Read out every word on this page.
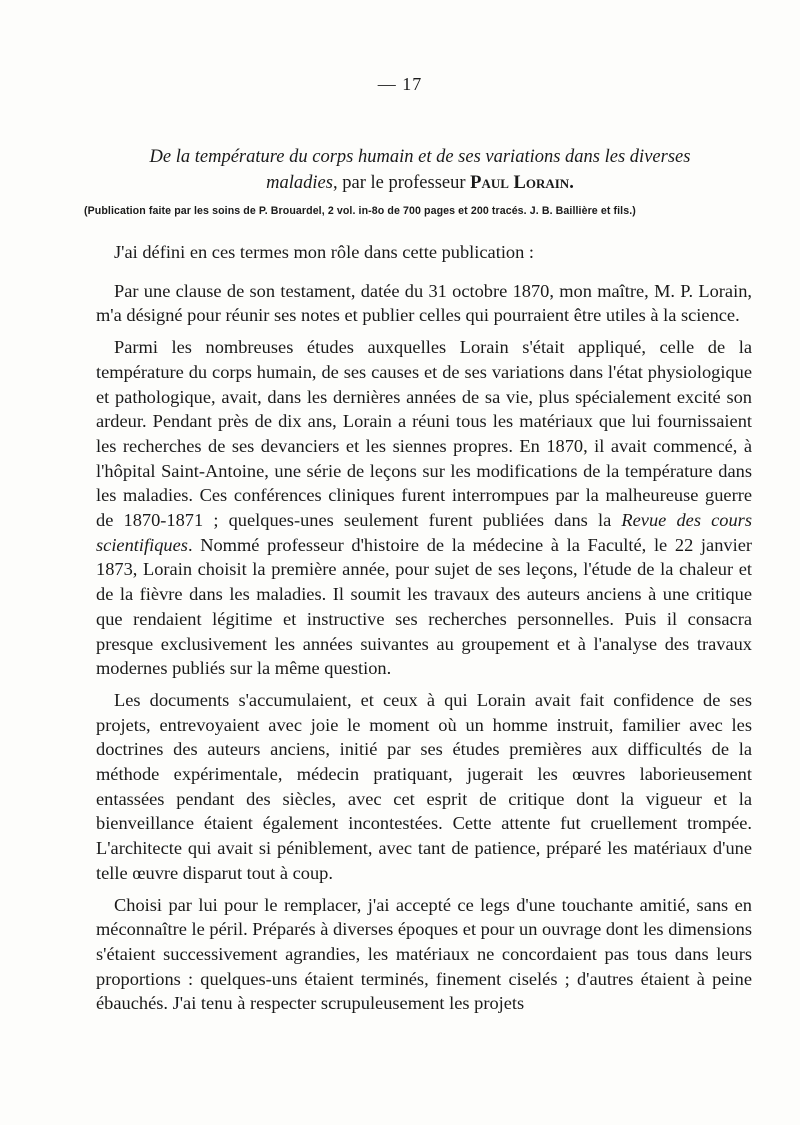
— 17
De la température du corps humain et de ses variations dans les diverses
maladies, par le professeur Paul Lorain.
(Publication faite par les soins de P. Brouardel, 2 vol. in-8o de 700 pages et 200 tracés. J. B. Baillière et fils.)

J'ai défini en ces termes mon rôle dans cette publication :

Par une clause de son testament, datée du 31 octobre 1870, mon maître, M. P. Lorain, m'a désigné pour réunir ses notes et publier celles qui pourraient être utiles à la science.

Parmi les nombreuses études auxquelles Lorain s'était appliqué, celle de la température du corps humain, de ses causes et de ses variations dans l'état physiologique et pathologique, avait, dans les dernières années de sa vie, plus spécialement excité son ardeur. Pendant près de dix ans, Lorain a réuni tous les matériaux que lui fournissaient les recherches de ses devanciers et les siennes propres. En 1870, il avait commencé, à l'hôpital Saint-Antoine, une série de leçons sur les modifications de la température dans les maladies. Ces conférences cliniques furent interrompues par la malheureuse guerre de 1870-1871 ; quelques-unes seulement furent publiées dans la Revue des cours scientifiques. Nommé professeur d'histoire de la médecine à la Faculté, le 22 janvier 1873, Lorain choisit la première année, pour sujet de ses leçons, l'étude de la chaleur et de la fièvre dans les maladies. Il soumit les travaux des auteurs anciens à une critique que rendaient légitime et instructive ses recherches personnelles. Puis il consacra presque exclusivement les années suivantes au groupement et à l'analyse des travaux modernes publiés sur la même question.

Les documents s'accumulaient, et ceux à qui Lorain avait fait confidence de ses projets, entrevoyaient avec joie le moment où un homme instruit, familier avec les doctrines des auteurs anciens, initié par ses études premières aux difficultés de la méthode expérimentale, médecin pratiquant, jugerait les œuvres laborieusement entassées pendant des siècles, avec cet esprit de critique dont la vigueur et la bienveillance étaient également incontestées. Cette attente fut cruellement trompée. L'architecte qui avait si péniblement, avec tant de patience, préparé les matériaux d'une telle œuvre disparut tout à coup.

Choisi par lui pour le remplacer, j'ai accepté ce legs d'une touchante amitié, sans en méconnaître le péril. Préparés à diverses époques et pour un ouvrage dont les dimensions s'étaient successivement agrandies, les matériaux ne concordaient pas tous dans leurs proportions : quelques-uns étaient terminés, finement ciselés ; d'autres étaient à peine ébauchés. J'ai tenu à respecter scrupuleusement les projets
